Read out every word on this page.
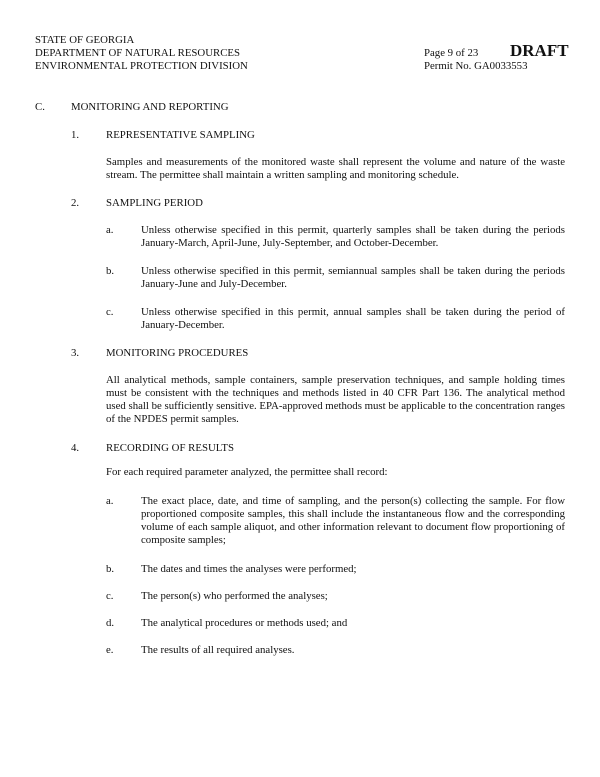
STATE OF GEORGIA
DEPARTMENT OF NATURAL RESOURCES
ENVIRONMENTAL PROTECTION DIVISION
Page 9 of 23
Permit No. GA0033553
DRAFT
C. MONITORING AND REPORTING
1. REPRESENTATIVE SAMPLING
Samples and measurements of the monitored waste shall represent the volume and nature of the waste stream. The permittee shall maintain a written sampling and monitoring schedule.
2. SAMPLING PERIOD
a.	Unless otherwise specified in this permit, quarterly samples shall be taken during the periods January-March, April-June, July-September, and October-December.
b. Unless otherwise specified in this permit, semiannual samples shall be taken during the periods January-June and July-December.
c.	Unless otherwise specified in this permit, annual samples shall be taken during the period of January-December.
3. MONITORING PROCEDURES
All analytical methods, sample containers, sample preservation techniques, and sample holding times must be consistent with the techniques and methods listed in 40 CFR Part 136. The analytical method used shall be sufficiently sensitive. EPA-approved methods must be applicable to the concentration ranges of the NPDES permit samples.
4. RECORDING OF RESULTS
For each required parameter analyzed, the permittee shall record:
a.	The exact place, date, and time of sampling, and the person(s) collecting the sample. For flow proportioned composite samples, this shall include the instantaneous flow and the corresponding volume of each sample aliquot, and other information relevant to document flow proportioning of composite samples;
b. The dates and times the analyses were performed;
c.	The person(s) who performed the analyses;
d. The analytical procedures or methods used; and
e.	The results of all required analyses.
